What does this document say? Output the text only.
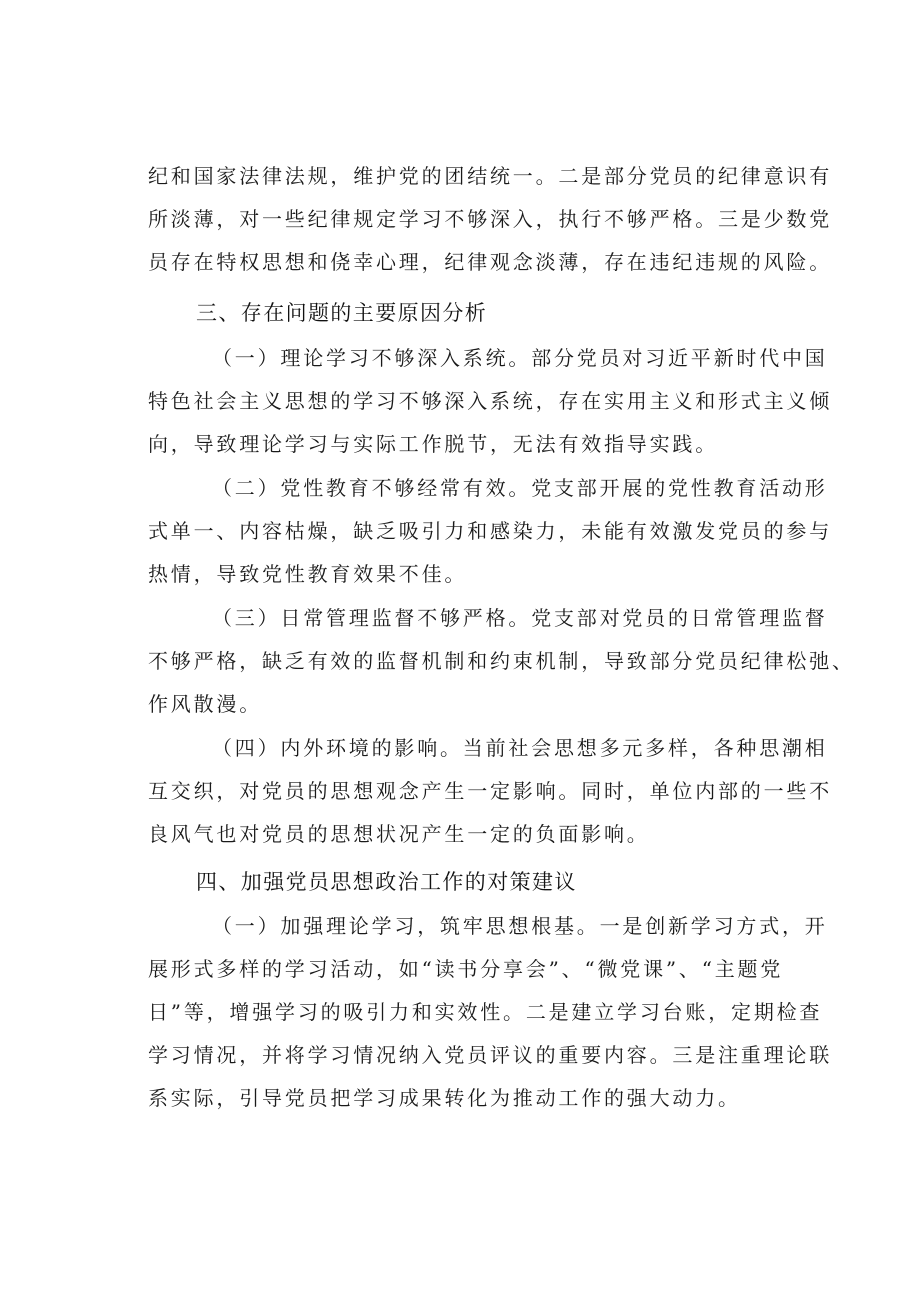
纪和国家法律法规，维护党的团结统一。二是部分党员的纪律意识有
所淡薄，对一些纪律规定学习不够深入，执行不够严格。三是少数党
员存在特权思想和侥幸心理，纪律观念淡薄，存在违纪违规的风险。
三、存在问题的主要原因分析
（一）理论学习不够深入系统。部分党员对习近平新时代中国
特色社会主义思想的学习不够深入系统，存在实用主义和形式主义倾
向，导致理论学习与实际工作脱节，无法有效指导实践。
（二）党性教育不够经常有效。党支部开展的党性教育活动形
式单一、内容枯燥，缺乏吸引力和感染力，未能有效激发党员的参与
热情，导致党性教育效果不佳。
（三）日常管理监督不够严格。党支部对党员的日常管理监督
不够严格，缺乏有效的监督机制和约束机制，导致部分党员纪律松弛、
作风散漫。
（四）内外环境的影响。当前社会思想多元多样，各种思潮相
互交织，对党员的思想观念产生一定影响。同时，单位内部的一些不
良风气也对党员的思想状况产生一定的负面影响。
四、加强党员思想政治工作的对策建议
（一）加强理论学习，筑牢思想根基。一是创新学习方式，开
展形式多样的学习活动，如“读书分享会”、“微党课”、“主题党
日”等，增强学习的吸引力和实效性。二是建立学习台账，定期检查
学习情况，并将学习情况纳入党员评议的重要内容。三是注重理论联
系实际，引导党员把学习成果转化为推动工作的强大动力。
